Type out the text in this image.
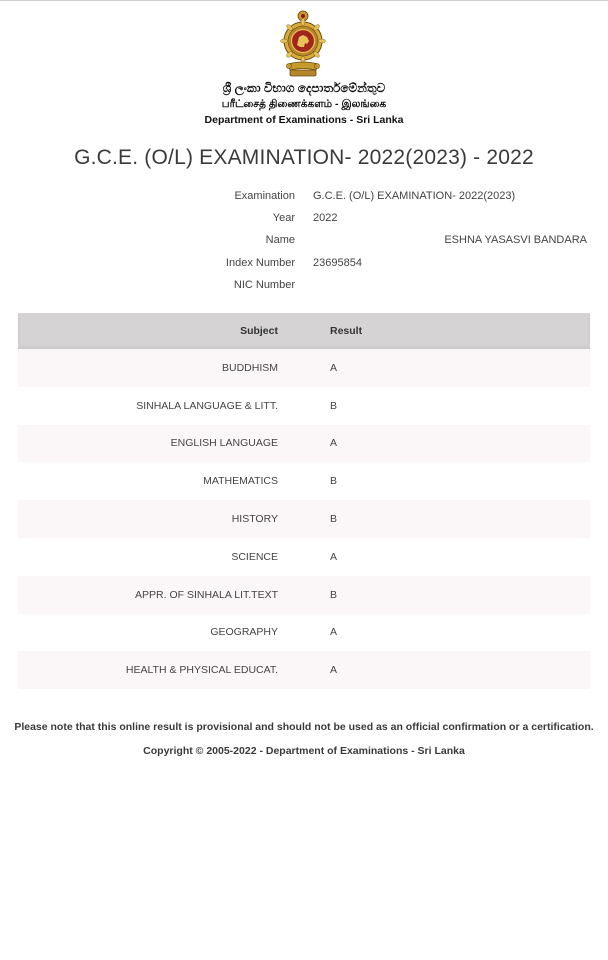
ශ්‍රී ලංකා විභාග දෙපාර්තමේන්තුව
பரீட்சைத் திணைக்களம் - இலங்கை
Department of Examinations - Sri Lanka
G.C.E. (O/L) EXAMINATION- 2022(2023) - 2022
Examination G.C.E. (O/L) EXAMINATION- 2022(2023)
Year 2022
Name	ESHNA YASASVI BANDARA
Index Number 23695854
NIC Number
Subject	Result
BUDDHISM	A
SINHALA LANGUAGE & LITT.	B
ENGLISH LANGUAGE	A
MATHEMATICS	B
HISTORY	B
SCIENCE	A
APPR. OF SINHALA LIT.TEXT	B
GEOGRAPHY	A
HEALTH & PHYSICAL EDUCAT.	A
Please note that this online result is provisional and should not be used as an official confirmation or a certification.
Copyright © 2005-2022 - Department of Examinations - Sri Lanka
